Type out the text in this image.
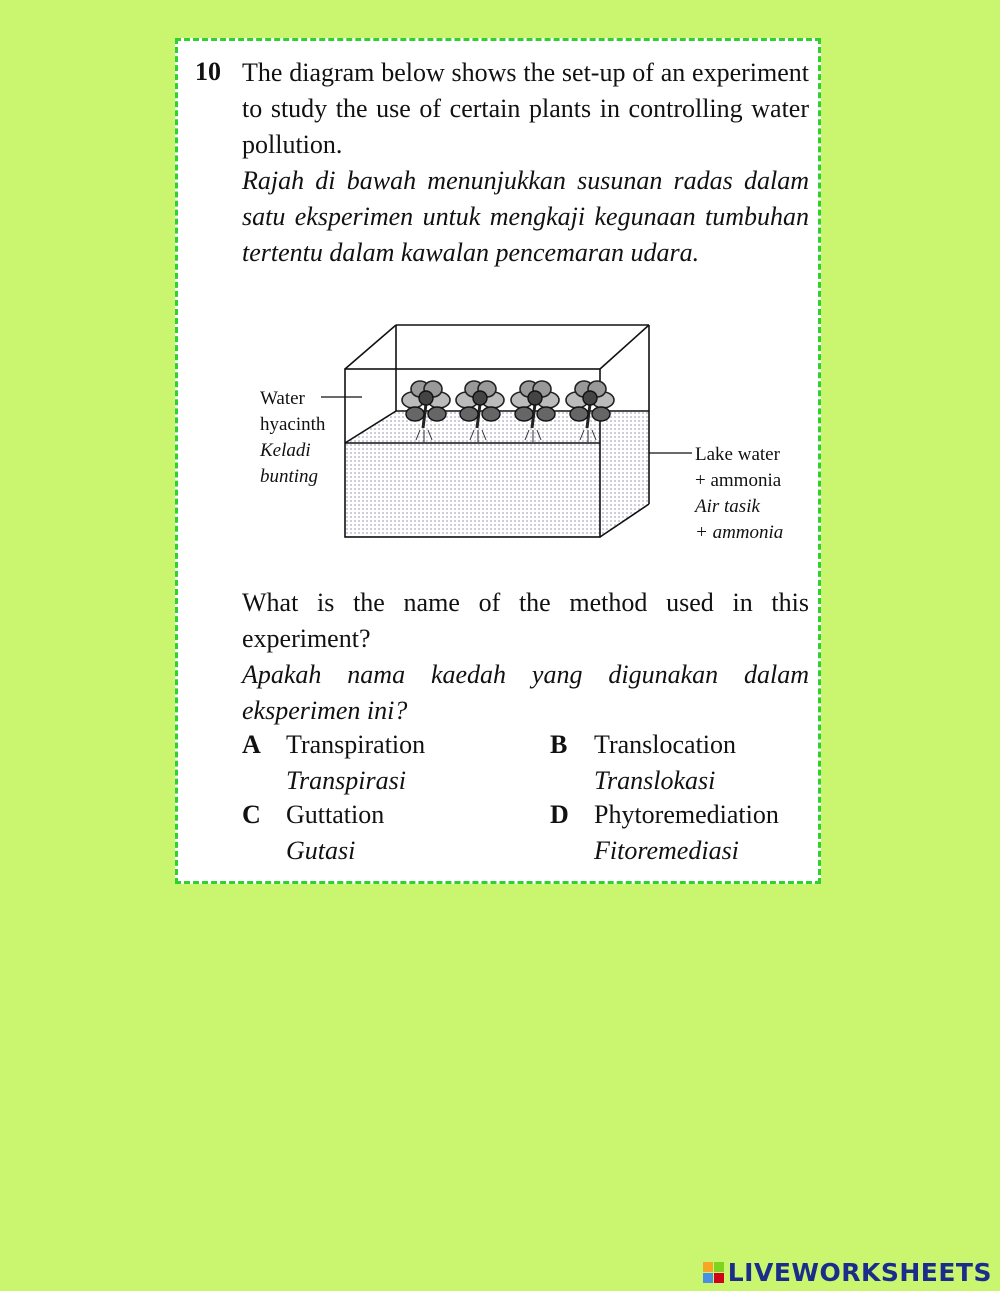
10 The diagram below shows the set-up of an experiment to study the use of certain plants in controlling water pollution.
Rajah di bawah menunjukkan susunan radas dalam satu eksperimen untuk mengkaji kegunaan tumbuhan tertentu dalam kawalan pencemaran udara.
Water
hyacinth
Keladi
bunting
Lake water
+ ammonia
Air tasik
+ ammonia
What is the name of the method used in this experiment?
Apakah nama kaedah yang digunakan dalam eksperimen ini?
A Transpiration
Transpirasi
B Translocation
Translokasi
C Guttation
Gutasi
D Phytoremediation
Fitoremediasi
LIVEWORKSHEETS
